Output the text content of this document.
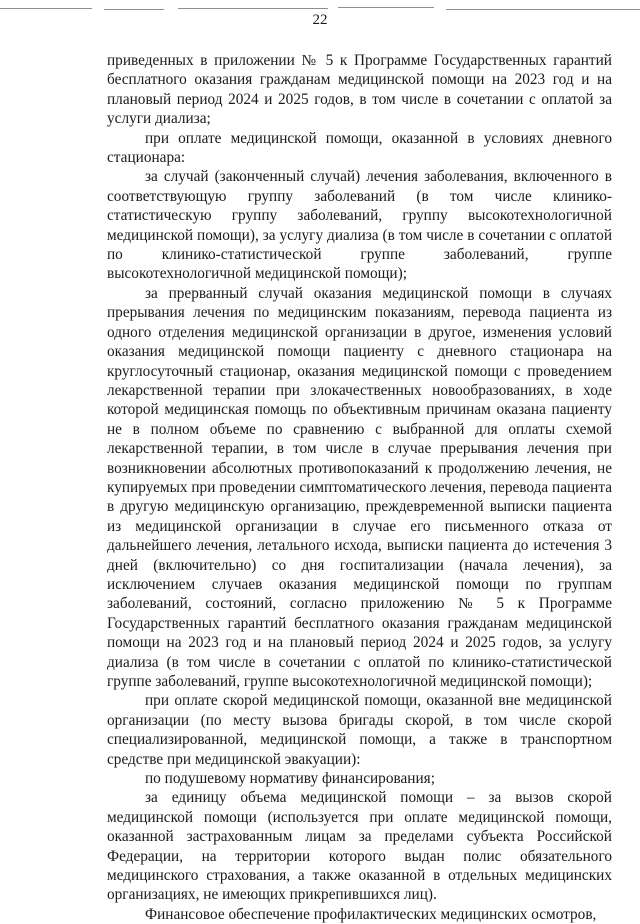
22

приведенных в приложении № 5 к Программе Государственных гарантий бесплатного оказания гражданам медицинской помощи на 2023 год и на плановый период 2024 и 2025 годов, в том числе в сочетании с оплатой за услуги диализа;

при оплате медицинской помощи, оказанной в условиях дневного стационара:

за случай (законченный случай) лечения заболевания, включенного в соответствующую группу заболеваний (в том числе клинико-статистическую группу заболеваний, группу высокотехнологичной медицинской помощи), за услугу диализа (в том числе в сочетании с оплатой по клинико-статистической группе заболеваний, группе высокотехнологичной медицинской помощи);

за прерванный случай оказания медицинской помощи в случаях прерывания лечения по медицинским показаниям, перевода пациента из одного отделения медицинской организации в другое, изменения условий оказания медицинской помощи пациенту с дневного стационара на круглосуточный стационар, оказания медицинской помощи с проведением лекарственной терапии при злокачественных новообразованиях, в ходе которой медицинская помощь по объективным причинам оказана пациенту не в полном объеме по сравнению с выбранной для оплаты схемой лекарственной терапии, в том числе в случае прерывания лечения при возникновении абсолютных противопоказаний к продолжению лечения, не купируемых при проведении симптоматического лечения, перевода пациента в другую медицинскую организацию, преждевременной выписки пациента из медицинской организации в случае его письменного отказа от дальнейшего лечения, летального исхода, выписки пациента до истечения 3 дней (включительно) со дня госпитализации (начала лечения), за исключением случаев оказания медицинской помощи по группам заболеваний, состояний, согласно приложению № 5 к Программе Государственных гарантий бесплатного оказания гражданам медицинской помощи на 2023 год и на плановый период 2024 и 2025 годов, за услугу диализа (в том числе в сочетании с оплатой по клинико-статистической группе заболеваний, группе высокотехнологичной медицинской помощи);

при оплате скорой медицинской помощи, оказанной вне медицинской организации (по месту вызова бригады скорой, в том числе скорой специализированной, медицинской помощи, а также в транспортном средстве при медицинской эвакуации):

по подушевому нормативу финансирования;

за единицу объема медицинской помощи – за вызов скорой медицинской помощи (используется при оплате медицинской помощи, оказанной застрахованным лицам за пределами субъекта Российской Федерации, на территории которого выдан полис обязательного медицинского страхования, а также оказанной в отдельных медицинских организациях, не имеющих прикрепившихся лиц).

Финансовое обеспечение профилактических медицинских осмотров,
